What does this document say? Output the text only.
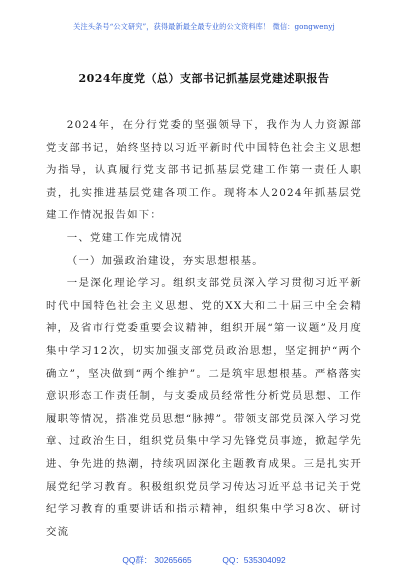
关注头条号“公文研究”，获得最新最全最专业的公文资料库！ 微信：gongwenyj
2024年度党（总）支部书记抓基层党建述职报告

2024年，在分行党委的坚强领导下，我作为人力资源部党支部书记，始终坚持以习近平新时代中国特色社会主义思想为指导，认真履行党支部书记抓基层党建工作第一责任人职责，扎实推进基层党建各项工作。现将本人2024年抓基层党建工作情况报告如下：

一、党建工作完成情况

（一）加强政治建设，夯实思想根基。

一是深化理论学习。组织支部党员深入学习贯彻习近平新时代中国特色社会主义思想、党的XX大和二十届三中全会精神，及省市行党委重要会议精神，组织开展“第一议题”及月度集中学习12次，切实加强支部党员政治思想，坚定拥护“两个确立”，坚决做到“两个维护”。二是筑牢思想根基。严格落实意识形态工作责任制，与支委成员经常性分析党员思想、工作履职等情况，搭准党员思想“脉搏”。带领支部党员深入学习党章、过政治生日，组织党员集中学习先锋党员事迹，掀起学先进、争先进的热潮，持续巩固深化主题教育成果。三是扎实开展党纪学习教育。积极组织党员学习传达习近平总书记关于党纪学习教育的重要讲话和指示精神，组织集中学习8次、研讨交流

QQ群： 30265665	QQ：535304092
